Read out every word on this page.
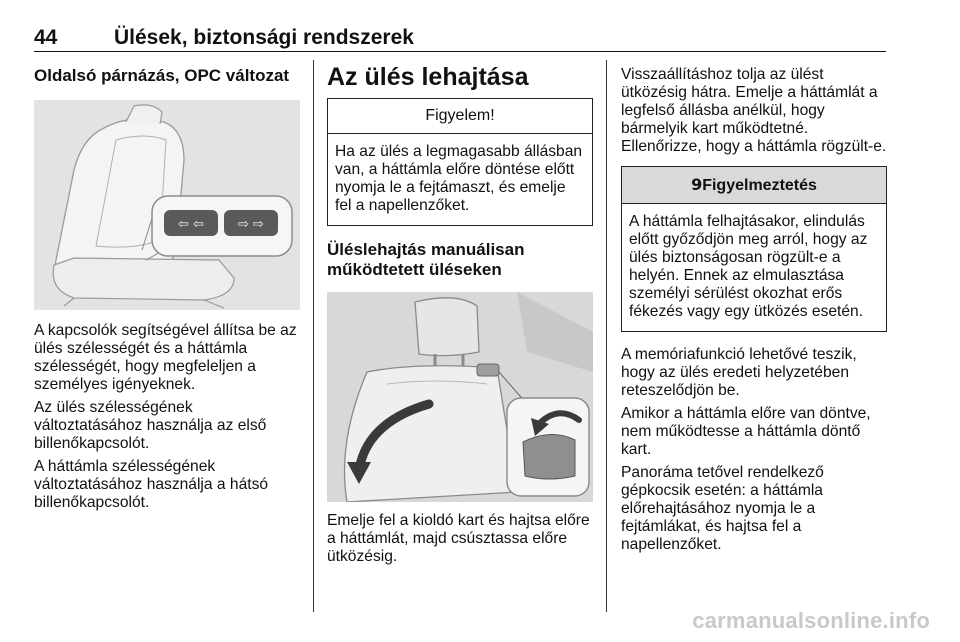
44	Ülések, biztonsági rendszerek
Oldalsó párnázás, OPC változat
⇦ ⇦	⇨ ⇨

A kapcsolók segítségével állítsa be az ülés szélességét és a háttámla szélességét, hogy megfeleljen a személyes igényeknek.

Az ülés szélességének változtatásához használja az első billenőkapcsolót.

A háttámla szélességének változtatásához használja a hátsó billenőkapcsolót.

Az ülés lehajtása
Figyelem!
Ha az ülés a legmagasabb állásban van, a háttámla előre döntése előtt nyomja le a fejtámaszt, és emelje fel a napellenzőket.
Üléslehajtás manuálisan
működtetett üléseken

Emelje fel a kioldó kart és hajtsa előre a háttámlát, majd csúsztassa előre ütközésig.

Visszaállításhoz tolja az ülést ütközésig hátra. Emelje a háttámlát a legfelső állásba anélkül, hogy bármelyik kart működtetné. Ellenőrizze, hogy a háttámla rögzült-e.

9Figyelmeztetés
A háttámla felhajtásakor, elindulás előtt győződjön meg arról, hogy az ülés biztonságosan rögzült-e a helyén. Ennek az elmulasztása személyi sérülést okozhat erős fékezés vagy egy ütközés esetén.

A memóriafunkció lehetővé teszik, hogy az ülés eredeti helyzetében reteszelődjön be.

Amikor a háttámla előre van döntve, nem működtesse a háttámla döntő kart.

Panoráma tetővel rendelkező gépkocsik esetén: a háttámla előrehajtásához nyomja le a fejtámlákat, és hajtsa fel a napellenzőket.

carmanualsonline.info
